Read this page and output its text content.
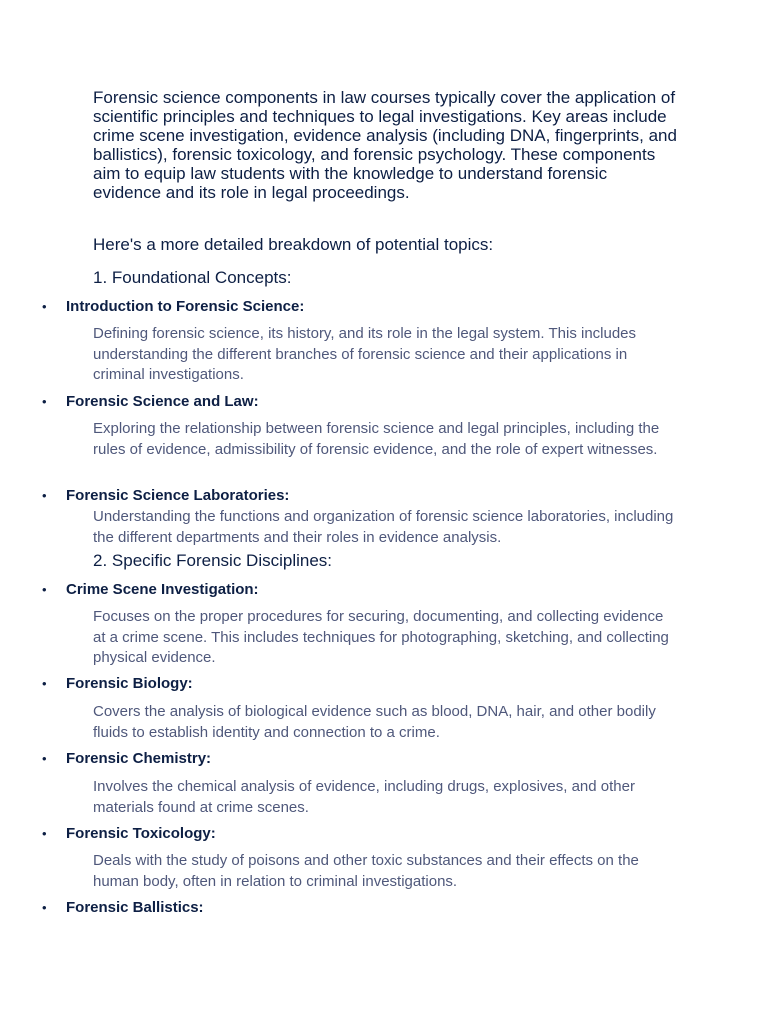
Forensic science components in law courses typically cover the application of scientific principles and techniques to legal investigations. Key areas include crime scene investigation, evidence analysis (including DNA, fingerprints, and ballistics), forensic toxicology, and forensic psychology. These components aim to equip law students with the knowledge to understand forensic evidence and its role in legal proceedings.

Here's a more detailed breakdown of potential topics:

1. Foundational Concepts:

• Introduction to Forensic Science:

Defining forensic science, its history, and its role in the legal system. This includes understanding the different branches of forensic science and their applications in criminal investigations.

• Forensic Science and Law:

Exploring the relationship between forensic science and legal principles, including the rules of evidence, admissibility of forensic evidence, and the role of expert witnesses.

• Forensic Science Laboratories:

Understanding the functions and organization of forensic science laboratories, including the different departments and their roles in evidence analysis.

2. Specific Forensic Disciplines:

• Crime Scene Investigation:

Focuses on the proper procedures for securing, documenting, and collecting evidence at a crime scene. This includes techniques for photographing, sketching, and collecting physical evidence.

• Forensic Biology:

Covers the analysis of biological evidence such as blood, DNA, hair, and other bodily fluids to establish identity and connection to a crime.

• Forensic Chemistry:

Involves the chemical analysis of evidence, including drugs, explosives, and other materials found at crime scenes.

• Forensic Toxicology:

Deals with the study of poisons and other toxic substances and their effects on the human body, often in relation to criminal investigations.

• Forensic Ballistics:
